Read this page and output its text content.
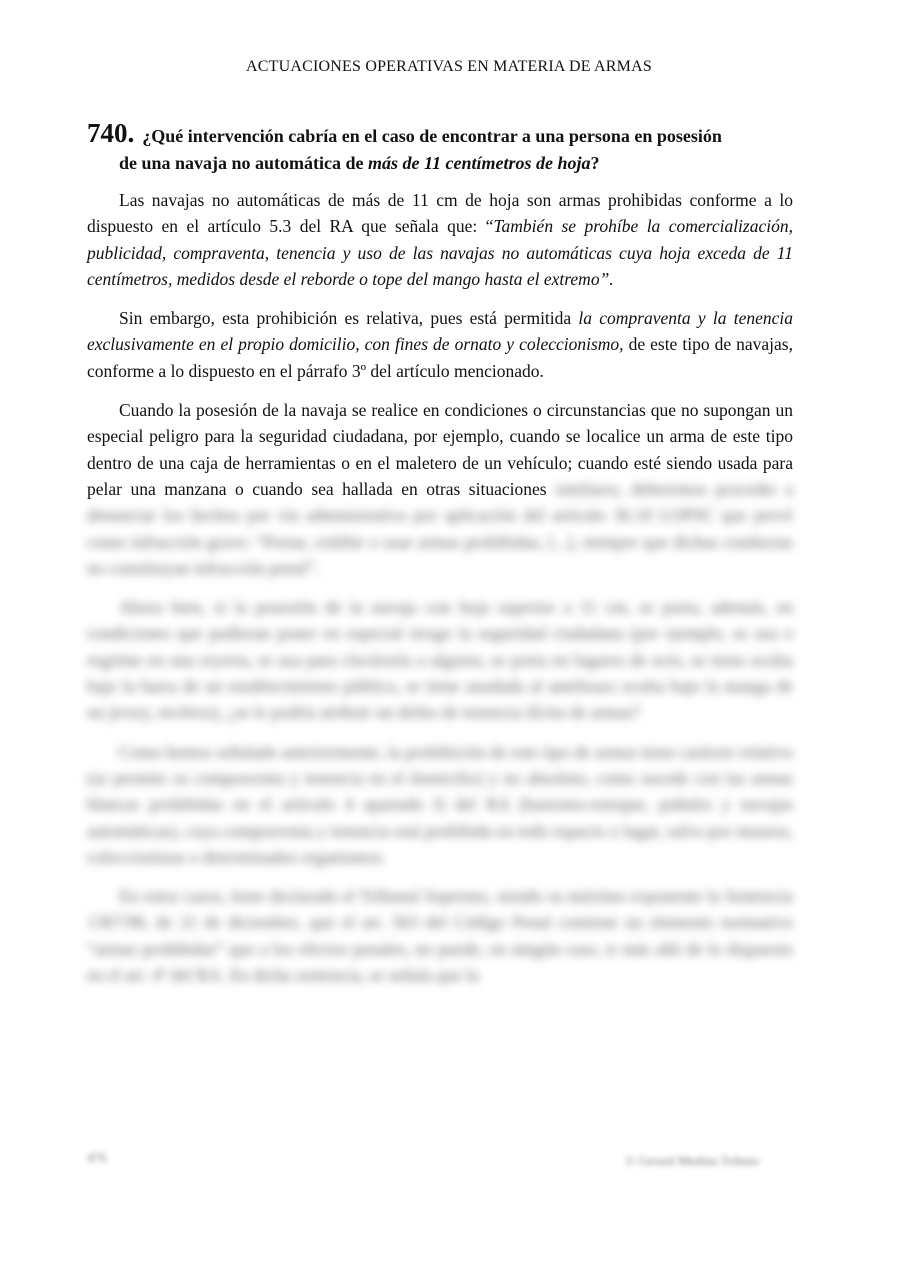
ACTUACIONES OPERATIVAS EN MATERIA DE ARMAS
740. ¿Qué intervención cabría en el caso de encontrar a una persona en posesión
de una navaja no automática de más de 11 centímetros de hoja?

Las navajas no automáticas de más de 11 cm de hoja son armas prohibidas conforme a lo dispuesto en el artículo 5.3 del RA que señala que: “También se prohíbe la comercialización, publicidad, compraventa, tenencia y uso de las navajas no automáticas cuya hoja exceda de 11 centímetros, medidos desde el reborde o tope del mango hasta el extremo”.

Sin embargo, esta prohibición es relativa, pues está permitida la compraventa y la tenencia exclusivamente en el propio domicilio, con fines de ornato y coleccionismo, de este tipo de navajas, conforme a lo dispuesto en el párrafo 3º del artículo mencionado.

Cuando la posesión de la navaja se realice en condiciones o circunstancias que no supongan un especial peligro para la seguridad ciudadana, por ejemplo, cuando se localice un arma de este tipo dentro de una caja de herramientas o en el maletero de un vehículo; cuando esté siendo usada para pelar una manzana o cuando sea hallada en otras situaciones similares, deberemos proceder a denunciar los hechos por vía administrativa por aplicación del artículo 36.10 LOPSC que prevé como infracción grave: “Portar, exhibir o usar armas prohibidas, [...], siempre que dichas conductas no constituyan infracción penal”.

Ahora bien, si la posesión de la navaja con hoja superior a 11 cm, se porta, además, en condiciones que pudieran poner en especial riesgo la seguridad ciudadana (por ejemplo, se usa o esgrime en una reyerta, se usa para clavársela a alguien, se porta en lugares de ocio, se tiene oculta bajo la barra de un establecimiento público, se tiene anudada al antebrazo oculta bajo la manga de un jersey, etcétera), ¿se le podría atribuir un delito de tenencia ilícita de armas?

Como hemos señalado anteriormente, la prohibición de este tipo de armas tiene carácter relativo (se permite su compraventa y tenencia en el domicilio) y no absoluto, como sucede con las armas blancas prohibidas en el artículo 4 apartado f) del RA (bastones-estoque, puñales y navajas automáticas), cuya compraventa y tenencia está prohibida en todo espacio o lugar, salvo por museos, coleccionistas o determinados organismos.

En estos casos, tiene declarado el Tribunal Supremo, siendo su máximo exponente la Sentencia 1367/98, de 21 de diciembre, que el art. 563 del Código Penal contiene un elemento normativo “armas prohibidas” que a los efectos penales, no puede, en ningún caso, ir más allá de lo dispuesto en el art. 4º del RA. En dicha sentencia, se señala que la

476	© Gerard Medina Tributo
